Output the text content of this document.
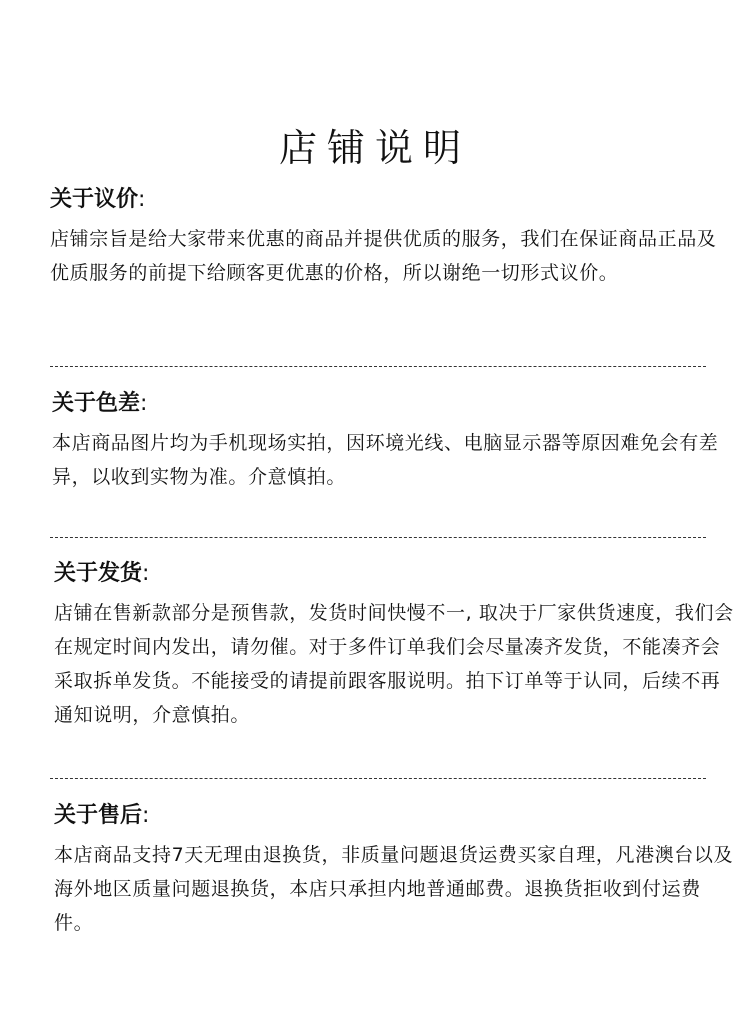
店铺说明
关于议价:

店铺宗旨是给大家带来优惠的商品并提供优质的服务，我们在保证商品正品及优质服务的前提下给顾客更优惠的价格，所以谢绝一切形式议价。

关于色差:

本店商品图片均为手机现场实拍，因环境光线、电脑显示器等原因难免会有差异，以收到实物为准。介意慎拍。

关于发货:

店铺在售新款部分是预售款，发货时间快慢不一, 取决于厂家供货速度，我们会在规定时间内发出，请勿催。对于多件订单我们会尽量凑齐发货，不能凑齐会采取拆单发货。不能接受的请提前跟客服说明。拍下订单等于认同，后续不再通知说明，介意慎拍。

关于售后:

本店商品支持7天无理由退换货，非质量问题退货运费买家自理，凡港澳台以及海外地区质量问题退换货，本店只承担内地普通邮费。退换货拒收到付运费件。
